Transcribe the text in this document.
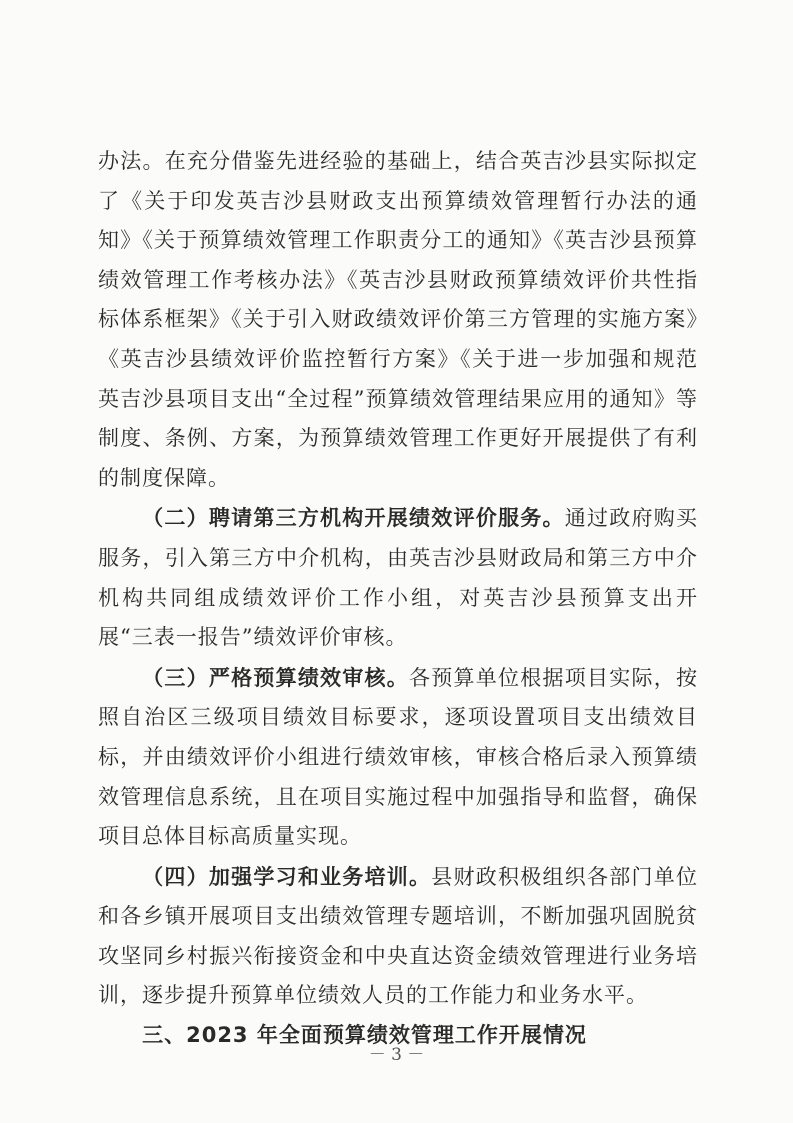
办法。在充分借鉴先进经验的基础上，结合英吉沙县实际拟定了《关于印发英吉沙县财政支出预算绩效管理暂行办法的通知》《关于预算绩效管理工作职责分工的通知》《英吉沙县预算绩效管理工作考核办法》《英吉沙县财政预算绩效评价共性指标体系框架》《关于引入财政绩效评价第三方管理的实施方案》《英吉沙县绩效评价监控暂行方案》《关于进一步加强和规范英吉沙县项目支出“全过程”预算绩效管理结果应用的通知》等制度、条例、方案，为预算绩效管理工作更好开展提供了有利的制度保障。

（二）聘请第三方机构开展绩效评价服务。通过政府购买服务，引入第三方中介机构，由英吉沙县财政局和第三方中介机构共同组成绩效评价工作小组，对英吉沙县预算支出开展“三表一报告”绩效评价审核。

（三）严格预算绩效审核。各预算单位根据项目实际，按照自治区三级项目绩效目标要求，逐项设置项目支出绩效目标，并由绩效评价小组进行绩效审核，审核合格后录入预算绩效管理信息系统，且在项目实施过程中加强指导和监督，确保项目总体目标高质量实现。

（四）加强学习和业务培训。县财政积极组织各部门单位和各乡镇开展项目支出绩效管理专题培训，不断加强巩固脱贫攻坚同乡村振兴衔接资金和中央直达资金绩效管理进行业务培训，逐步提升预算单位绩效人员的工作能力和业务水平。

三、2023 年全面预算绩效管理工作开展情况

－ 3 －
